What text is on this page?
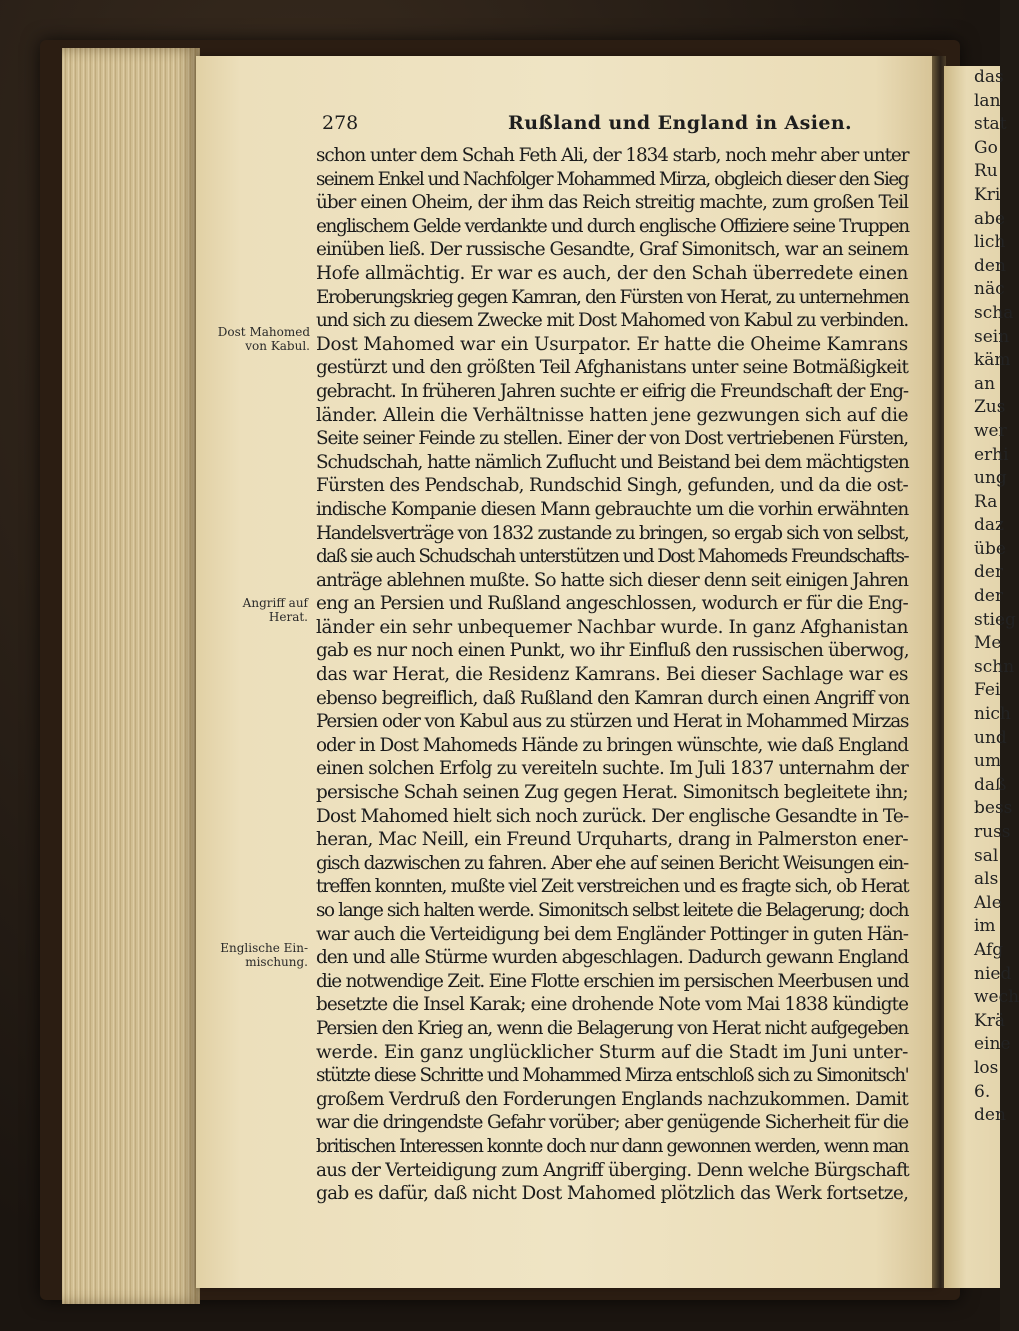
das
lan
stat
Go
Ru
Kri
abe
lich
den
näc
scha
sein
käm
an
Zus
wer
erhi
ung
Ra
daz
übe
der
der
stieg
Me
schn
Fei
nich
und
um
daß
bess
russ
sal
als
Ale
im
Afg
nied
wech
Krä
eine
los
6.
den
278	Rußland und England in Asien.
Dost Mahomed
von Kabul.
Angriff auf
Herat.
Englische Ein-
mischung.
schon unter dem Schah Feth Ali, der 1834 starb, noch mehr aber unter
seinem Enkel und Nachfolger Mohammed Mirza, obgleich dieser den Sieg
über einen Oheim, der ihm das Reich streitig machte, zum großen Teil
englischem Gelde verdankte und durch englische Offiziere seine Truppen
einüben ließ. Der russische Gesandte, Graf Simonitsch, war an seinem
Hofe allmächtig. Er war es auch, der den Schah überredete einen
Eroberungskrieg gegen Kamran, den Fürsten von Herat, zu unternehmen
und sich zu diesem Zwecke mit Dost Mahomed von Kabul zu verbinden.
Dost Mahomed war ein Usurpator. Er hatte die Oheime Kamrans
gestürzt und den größten Teil Afghanistans unter seine Botmäßigkeit
gebracht. In früheren Jahren suchte er eifrig die Freundschaft der Eng-
länder. Allein die Verhältnisse hatten jene gezwungen sich auf die
Seite seiner Feinde zu stellen. Einer der von Dost vertriebenen Fürsten,
Schudschah, hatte nämlich Zuflucht und Beistand bei dem mächtigsten
Fürsten des Pendschab, Rundschid Singh, gefunden, und da die ost-
indische Kompanie diesen Mann gebrauchte um die vorhin erwähnten
Handelsverträge von 1832 zustande zu bringen, so ergab sich von selbst,
daß sie auch Schudschah unterstützen und Dost Mahomeds Freundschafts-
anträge ablehnen mußte. So hatte sich dieser denn seit einigen Jahren
eng an Persien und Rußland angeschlossen, wodurch er für die Eng-
länder ein sehr unbequemer Nachbar wurde. In ganz Afghanistan
gab es nur noch einen Punkt, wo ihr Einfluß den russischen überwog,
das war Herat, die Residenz Kamrans. Bei dieser Sachlage war es
ebenso begreiflich, daß Rußland den Kamran durch einen Angriff von
Persien oder von Kabul aus zu stürzen und Herat in Mohammed Mirzas
oder in Dost Mahomeds Hände zu bringen wünschte, wie daß England
einen solchen Erfolg zu vereiteln suchte. Im Juli 1837 unternahm der
persische Schah seinen Zug gegen Herat. Simonitsch begleitete ihn;
Dost Mahomed hielt sich noch zurück. Der englische Gesandte in Te-
heran, Mac Neill, ein Freund Urquharts, drang in Palmerston ener-
gisch dazwischen zu fahren. Aber ehe auf seinen Bericht Weisungen ein-
treffen konnten, mußte viel Zeit verstreichen und es fragte sich, ob Herat
so lange sich halten werde. Simonitsch selbst leitete die Belagerung; doch
war auch die Verteidigung bei dem Engländer Pottinger in guten Hän-
den und alle Stürme wurden abgeschlagen. Dadurch gewann England
die notwendige Zeit. Eine Flotte erschien im persischen Meerbusen und
besetzte die Insel Karak; eine drohende Note vom Mai 1838 kündigte
Persien den Krieg an, wenn die Belagerung von Herat nicht aufgegeben
werde. Ein ganz unglücklicher Sturm auf die Stadt im Juni unter-
stützte diese Schritte und Mohammed Mirza entschloß sich zu Simonitsch'
großem Verdruß den Forderungen Englands nachzukommen. Damit
war die dringendste Gefahr vorüber; aber genügende Sicherheit für die
britischen Interessen konnte doch nur dann gewonnen werden, wenn man
aus der Verteidigung zum Angriff überging. Denn welche Bürgschaft
gab es dafür, daß nicht Dost Mahomed plötzlich das Werk fortsetze,
